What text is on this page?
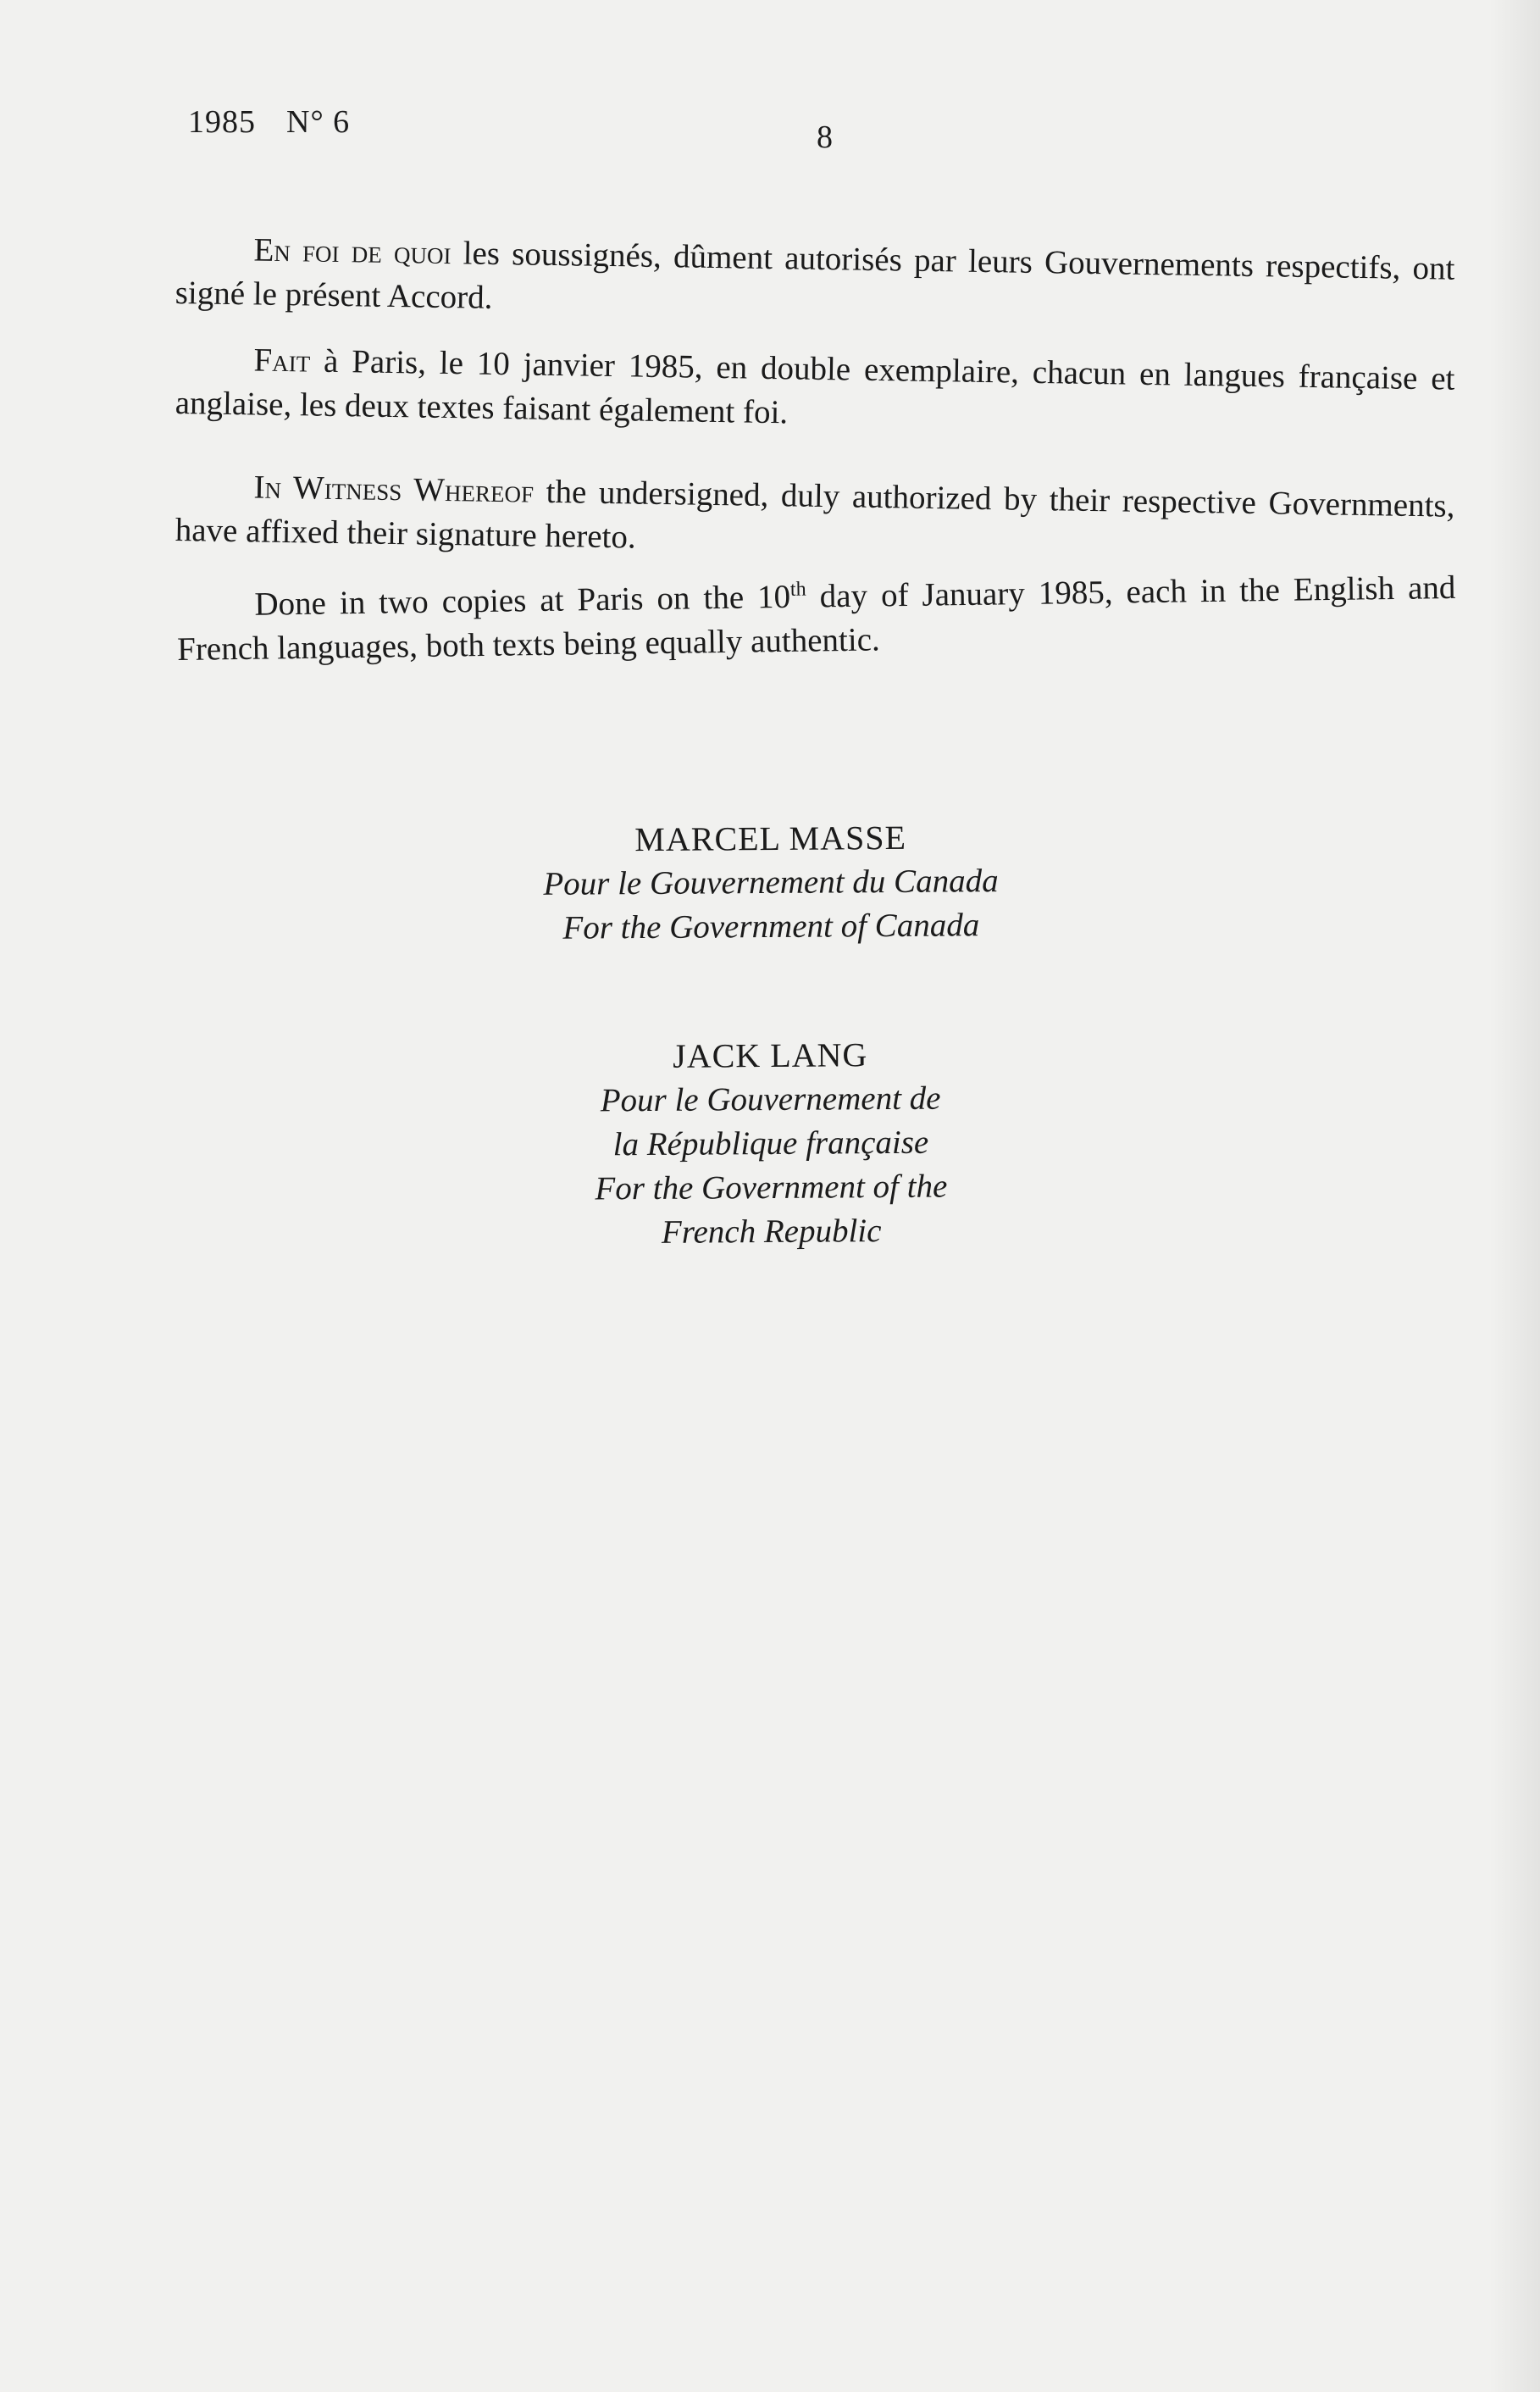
1985 N° 6	8

En foi de quoi les soussignés, dûment autorisés par leurs Gouvernements respectifs, ont signé le présent Accord.

Fait à Paris, le 10 janvier 1985, en double exemplaire, chacun en langues française et anglaise, les deux textes faisant également foi.

In Witness Whereof the undersigned, duly authorized by their respective Governments, have affixed their signature hereto.

Done in two copies at Paris on the 10th day of January 1985, each in the English and French languages, both texts being equally authentic.

MARCEL MASSE
Pour le Gouvernement du Canada
For the Government of Canada
JACK LANG
Pour le Gouvernement de
la République française
For the Government of the
French Republic
